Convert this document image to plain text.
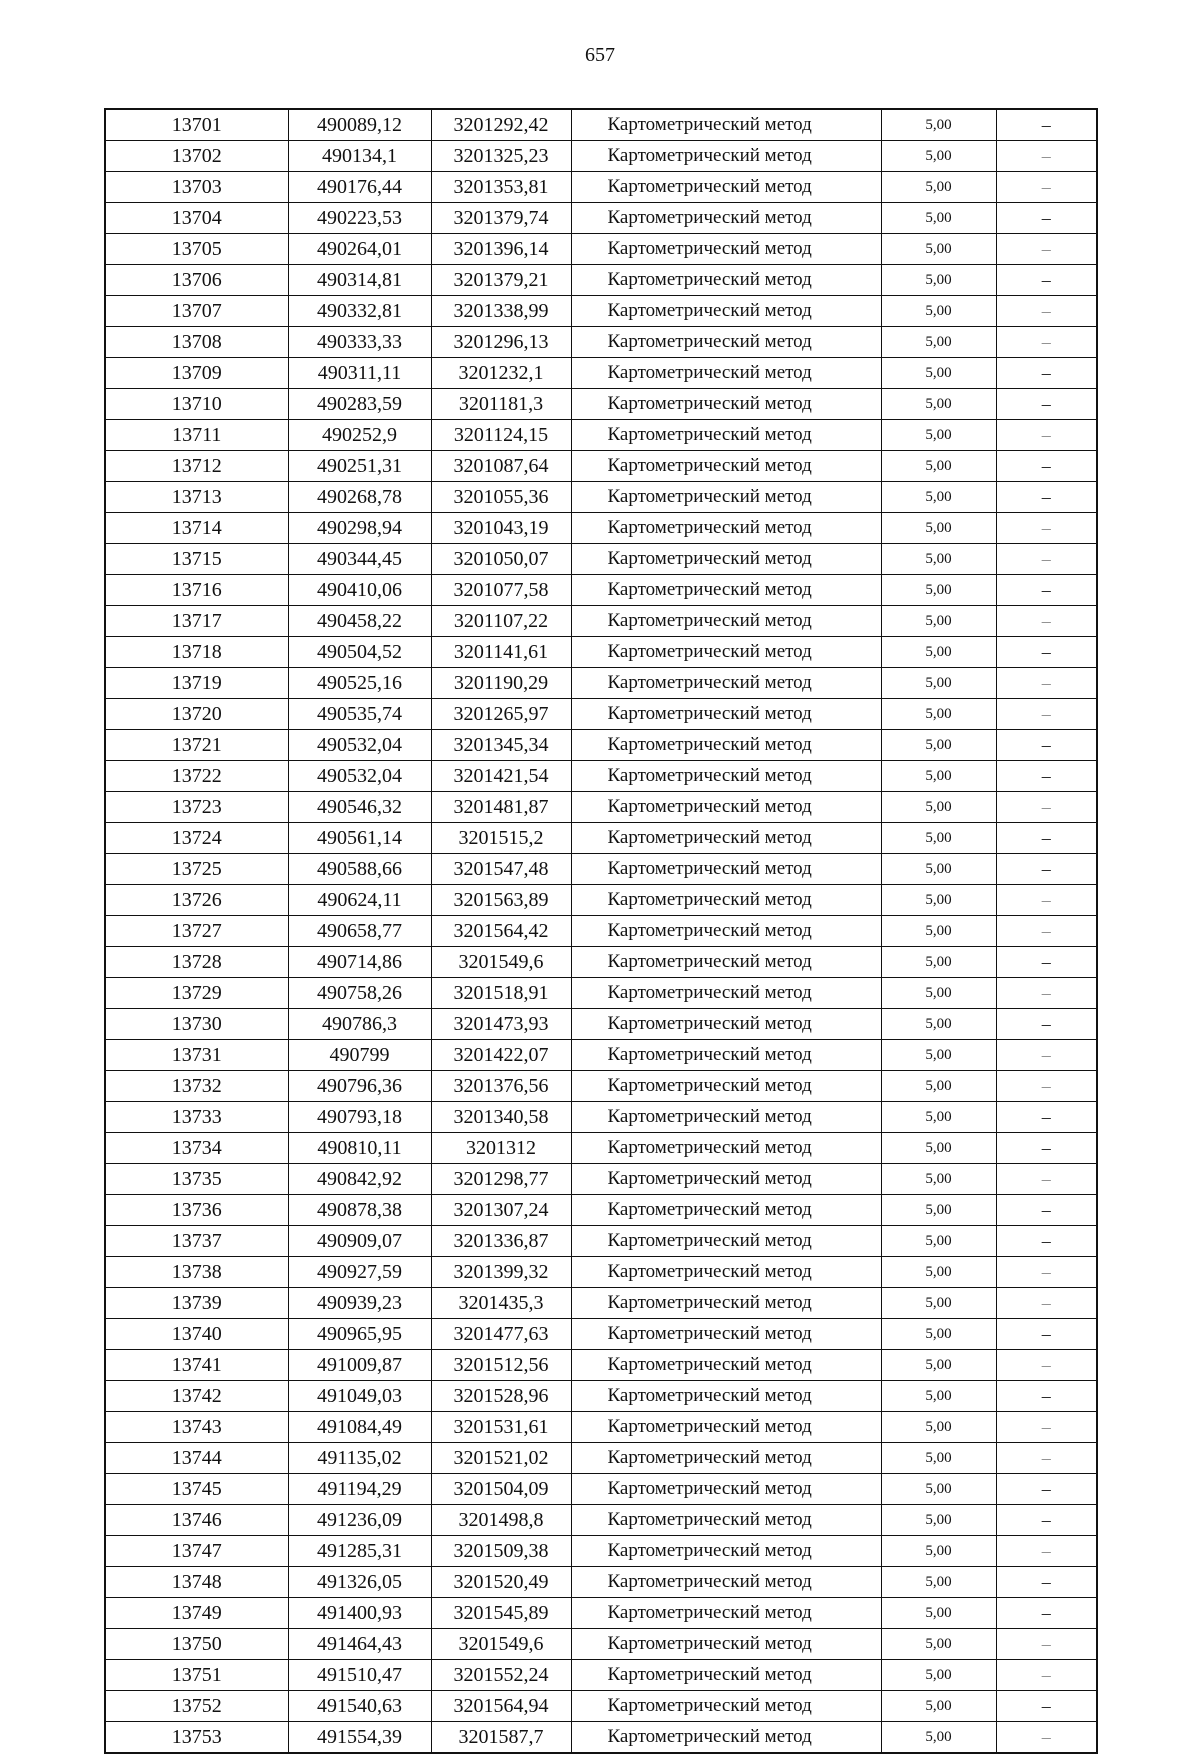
657
13701	490089,12	3201292,42	Картометрический метод	5,00	–
13702	490134,1	3201325,23	Картометрический метод	5,00	–
13703	490176,44	3201353,81	Картометрический метод	5,00	–
13704	490223,53	3201379,74	Картометрический метод	5,00	–
13705	490264,01	3201396,14	Картометрический метод	5,00	–
13706	490314,81	3201379,21	Картометрический метод	5,00	–
13707	490332,81	3201338,99	Картометрический метод	5,00	–
13708	490333,33	3201296,13	Картометрический метод	5,00	–
13709	490311,11	3201232,1	Картометрический метод	5,00	–
13710	490283,59	3201181,3	Картометрический метод	5,00	–
13711	490252,9	3201124,15	Картометрический метод	5,00	–
13712	490251,31	3201087,64	Картометрический метод	5,00	–
13713	490268,78	3201055,36	Картометрический метод	5,00	–
13714	490298,94	3201043,19	Картометрический метод	5,00	–
13715	490344,45	3201050,07	Картометрический метод	5,00	–
13716	490410,06	3201077,58	Картометрический метод	5,00	–
13717	490458,22	3201107,22	Картометрический метод	5,00	–
13718	490504,52	3201141,61	Картометрический метод	5,00	–
13719	490525,16	3201190,29	Картометрический метод	5,00	–
13720	490535,74	3201265,97	Картометрический метод	5,00	–
13721	490532,04	3201345,34	Картометрический метод	5,00	–
13722	490532,04	3201421,54	Картометрический метод	5,00	–
13723	490546,32	3201481,87	Картометрический метод	5,00	–
13724	490561,14	3201515,2	Картометрический метод	5,00	–
13725	490588,66	3201547,48	Картометрический метод	5,00	–
13726	490624,11	3201563,89	Картометрический метод	5,00	–
13727	490658,77	3201564,42	Картометрический метод	5,00	–
13728	490714,86	3201549,6	Картометрический метод	5,00	–
13729	490758,26	3201518,91	Картометрический метод	5,00	–
13730	490786,3	3201473,93	Картометрический метод	5,00	–
13731	490799	3201422,07	Картометрический метод	5,00	–
13732	490796,36	3201376,56	Картометрический метод	5,00	–
13733	490793,18	3201340,58	Картометрический метод	5,00	–
13734	490810,11	3201312	Картометрический метод	5,00	–
13735	490842,92	3201298,77	Картометрический метод	5,00	–
13736	490878,38	3201307,24	Картометрический метод	5,00	–
13737	490909,07	3201336,87	Картометрический метод	5,00	–
13738	490927,59	3201399,32	Картометрический метод	5,00	–
13739	490939,23	3201435,3	Картометрический метод	5,00	–
13740	490965,95	3201477,63	Картометрический метод	5,00	–
13741	491009,87	3201512,56	Картометрический метод	5,00	–
13742	491049,03	3201528,96	Картометрический метод	5,00	–
13743	491084,49	3201531,61	Картометрический метод	5,00	–
13744	491135,02	3201521,02	Картометрический метод	5,00	–
13745	491194,29	3201504,09	Картометрический метод	5,00	–
13746	491236,09	3201498,8	Картометрический метод	5,00	–
13747	491285,31	3201509,38	Картометрический метод	5,00	–
13748	491326,05	3201520,49	Картометрический метод	5,00	–
13749	491400,93	3201545,89	Картометрический метод	5,00	–
13750	491464,43	3201549,6	Картометрический метод	5,00	–
13751	491510,47	3201552,24	Картометрический метод	5,00	–
13752	491540,63	3201564,94	Картометрический метод	5,00	–
13753	491554,39	3201587,7	Картометрический метод	5,00	–
